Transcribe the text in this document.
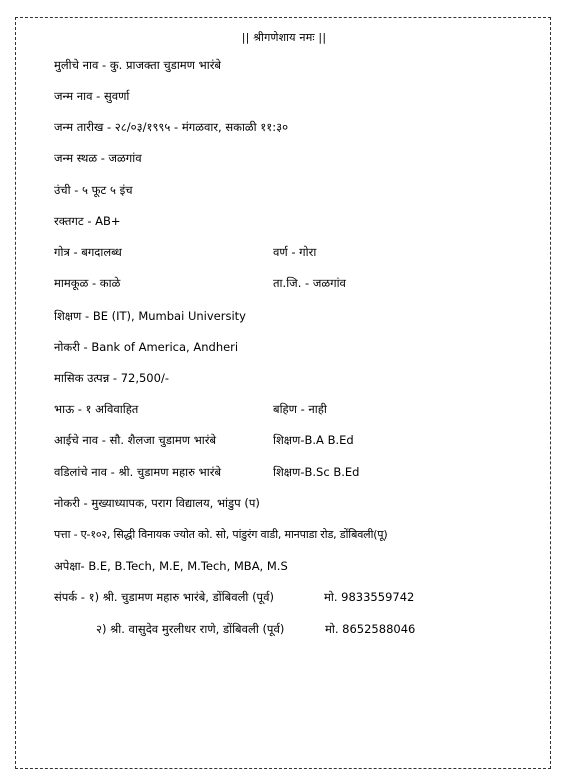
|| श्रीगणेशाय नमः ||
मुलीचे नाव - कु. प्राजक्ता चुडामण भारंबे
जन्म नाव - सुवर्णा
जन्म तारीख - २८/०३/१९९५ - मंगळवार, सकाळी ११:३०
जन्म स्थळ - जळगांव
उंची - ५ फूट ५ इंच
रक्तगट - AB+
गोत्र - बगदालब्ध	वर्ण - गोरा
मामकूळ - काळे	ता.जि. - जळगांव
शिक्षण - BE (IT), Mumbai University
नोकरी - Bank of America, Andheri
मासिक उत्पन्न - 72,500/-
भाऊ - १ अविवाहित	बहिण - नाही
आईचे नाव - सौ. शैलजा चुडामण भारंबे	शिक्षण-B.A B.Ed
वडिलांचे नाव - श्री. चुडामण महारु भारंबे	शिक्षण-B.Sc B.Ed
नोकरी - मुख्याध्यापक, पराग विद्यालय, भांडुप (प)
पत्ता - ए-१०२, सिद्धी विनायक ज्योत को. सो, पांडुरंग वाडी, मानपाडा रोड, डोंबिवली(पू)
अपेक्षा- B.E, B.Tech, M.E, M.Tech, MBA, M.S
संपर्क - १) श्री. चुडामण महारु भारंबे, डोंबिवली (पूर्व)	मो. 9833559742
२) श्री. वासुदेव मुरलीधर राणे, डोंबिवली (पूर्व)	मो. 8652588046
